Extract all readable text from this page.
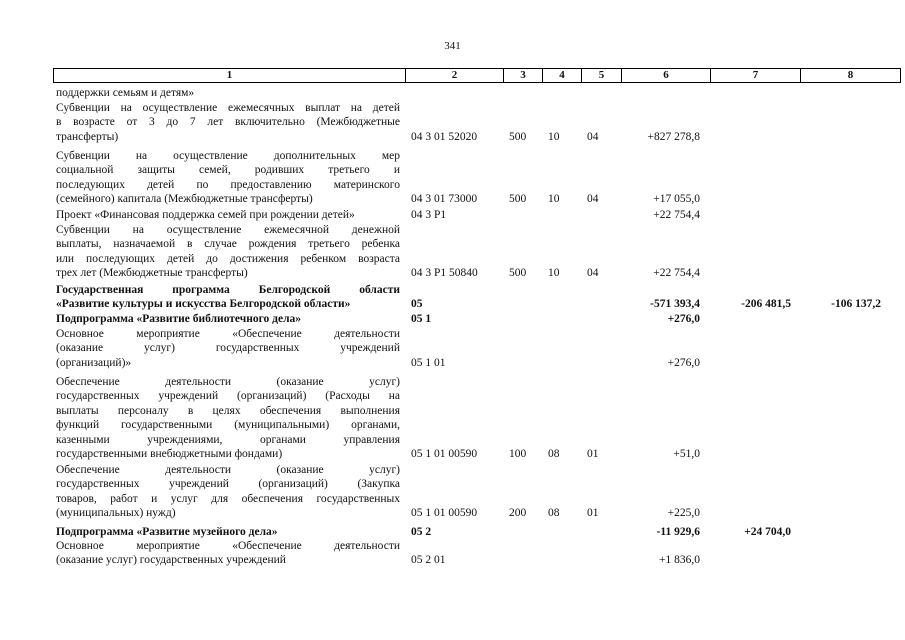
341
1	2	3	4	5	6	7	8
поддержки семьям и детям»
Субвенции на осуществление ежемесячных выплат на детей
в возрасте от 3 до 7 лет включительно (Межбюджетные
трансферты)	04 3 01 52020	500 10 04	+827 278,8
Субвенции на осуществление дополнительных мер
социальной защиты семей, родивших третьего и
последующих детей по предоставлению материнского
(семейного) капитала (Межбюджетные трансферты)	04 3 01 73000	500 10 04	+17 055,0
Проект «Финансовая поддержка семей при рождении детей»	04 3 P1	+22 754,4
Субвенции на осуществление ежемесячной денежной
выплаты, назначаемой в случае рождения третьего ребенка
или последующих детей до достижения ребенком возраста
трех лет (Межбюджетные трансферты)	04 3 P1 50840	500 10 04	+22 754,4
Государственная программа Белгородской области
«Развитие культуры и искусства Белгородской области»	05	-571 393,4	-206 481,5	-106 137,2
Подпрограмма «Развитие библиотечного дела»	05 1	+276,0
Основное мероприятие «Обеспечение деятельности
(оказание услуг) государственных учреждений
(организаций)»	05 1 01	+276,0
Обеспечение деятельности (оказание услуг)
государственных учреждений (организаций) (Расходы на
выплаты персоналу в целях обеспечения выполнения
функций государственными (муниципальными) органами,
казенными учреждениями, органами управления
государственными внебюджетными фондами)	05 1 01 00590	100 08 01	+51,0
Обеспечение деятельности (оказание услуг)
государственных учреждений (организаций) (Закупка
товаров, работ и услуг для обеспечения государственных
(муниципальных) нужд)	05 1 01 00590	200 08 01	+225,0
Подпрограмма «Развитие музейного дела»	05 2	-11 929,6	+24 704,0
Основное мероприятие «Обеспечение деятельности
(оказание услуг) государственных учреждений	05 2 01	+1 836,0
